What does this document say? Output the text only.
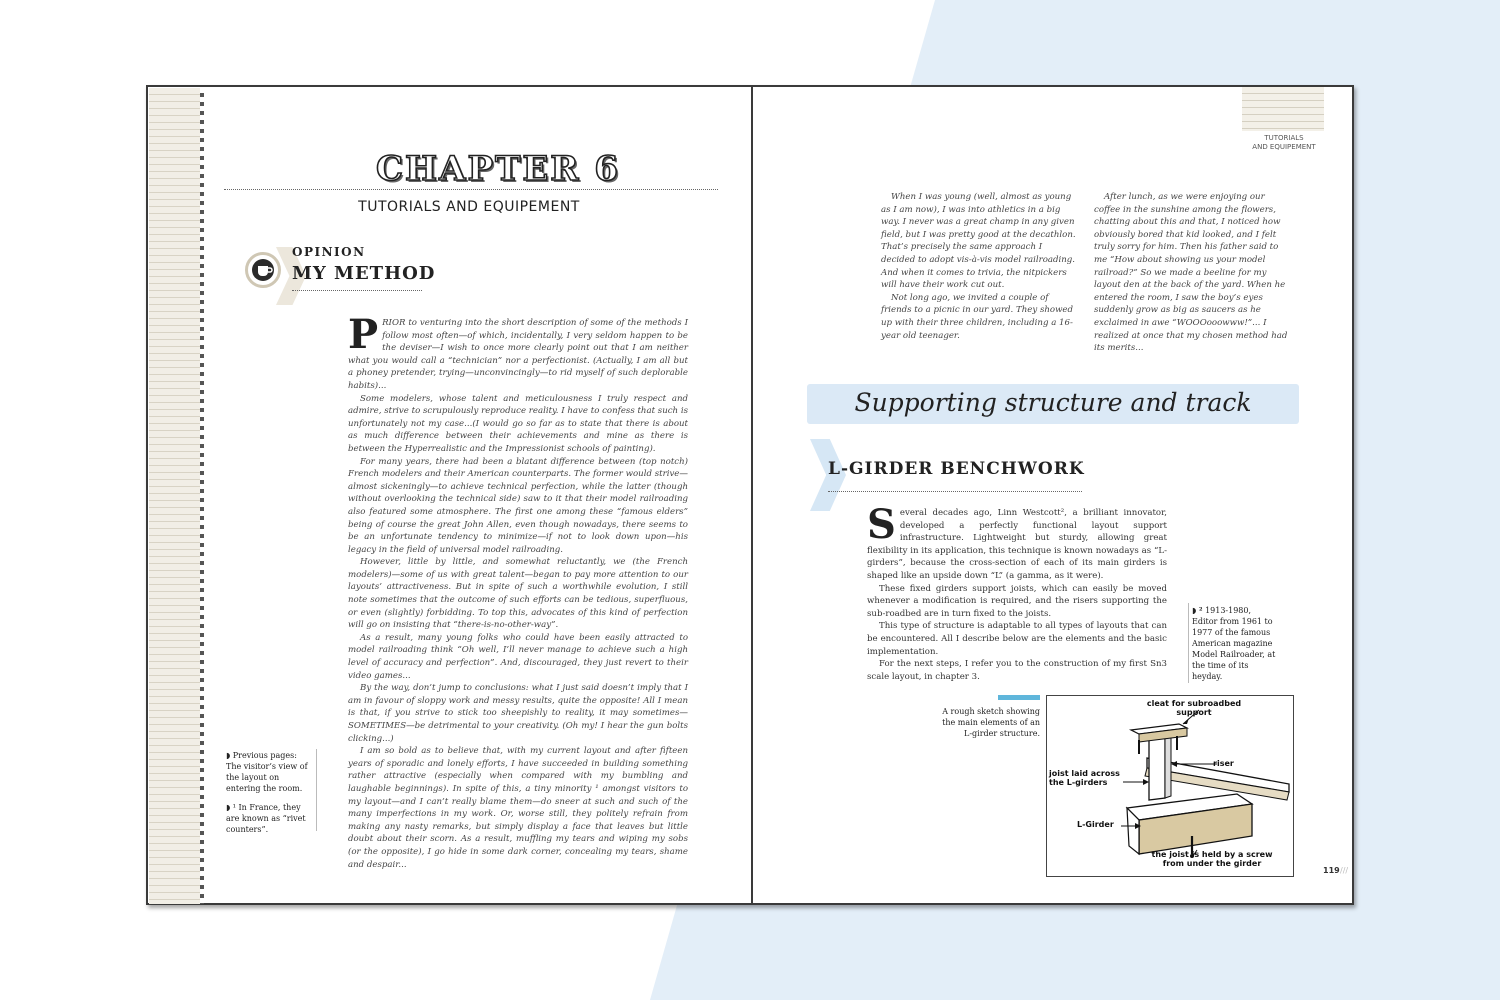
CHAPTER 6
TUTORIALS AND EQUIPEMENT
OPINION
MY METHOD

PRIOR to venturing into the short description of some of the methods I follow most often—of which, incidentally, I very seldom happen to be the deviser—I wish to once more clearly point out that I am neither what you would call a “technician” nor a perfectionist. (Actually, I am all but a phoney pretender, trying—unconvincingly—to rid myself of such deplorable habits)...

Some modelers, whose talent and meticulousness I truly respect and admire, strive to scrupulously reproduce reality. I have to confess that such is unfortunately not my case...(I would go so far as to state that there is about as much difference between their achievements and mine as there is between the Hyperrealistic and the Impressionist schools of painting).

For many years, there had been a blatant difference between (top notch) French modelers and their American counterparts. The former would strive—almost sickeningly—to achieve technical perfection, while the latter (though without overlooking the technical side) saw to it that their model railroading also featured some atmosphere. The first one among these “famous elders” being of course the great John Allen, even though nowadays, there seems to be an unfortunate tendency to minimize—if not to look down upon—his legacy in the field of universal model railroading.

However, little by little, and somewhat reluctantly, we (the French modelers)—some of us with great talent—began to pay more attention to our layouts’ attractiveness. But in spite of such a worthwhile evolution, I still note sometimes that the outcome of such efforts can be tedious, superfluous, or even (slightly) forbidding. To top this, advocates of this kind of perfection will go on insisting that “there-is-no-other-way”.

As a result, many young folks who could have been easily attracted to model railroading think “Oh well, I’ll never manage to achieve such a high level of accuracy and perfection”. And, discouraged, they just revert to their video games...

By the way, don’t jump to conclusions: what I just said doesn’t imply that I am in favour of sloppy work and messy results, quite the opposite! All I mean is that, if you strive to stick too sheepishly to reality, it may sometimes—SOMETIMES—be detrimental to your creativity. (Oh my! I hear the gun bolts clicking...)

I am so bold as to believe that, with my current layout and after fifteen years of sporadic and lonely efforts, I have succeeded in building something rather attractive (especially when compared with my bumbling and laughable beginnings). In spite of this, a tiny minority ¹ amongst visitors to my layout—and I can’t really blame them—do sneer at such and such of the many imperfections in my work. Or, worse still, they politely refrain from making any nasty remarks, but simply display a face that leaves but little doubt about their scorn. As a result, muffling my tears and wiping my sobs (or the opposite), I go hide in some dark corner, concealing my tears, shame and despair...

◗ Previous pages: The visitor’s view of the layout on entering the room.
◗ ¹ In France, they are known as “rivet counters”.
TUTORIALS
AND EQUIPEMENT

When I was young (well, almost as young as I am now), I was into athletics in a big way. I never was a great champ in any given field, but I was pretty good at the decathlon. That’s precisely the same approach I decided to adopt vis-à-vis model railroading. And when it comes to trivia, the nitpickers will have their work cut out.

Not long ago, we invited a couple of friends to a picnic in our yard. They showed up with their three children, including a 16-year old teenager.

After lunch, as we were enjoying our coffee in the sunshine among the flowers, chatting about this and that, I noticed how obviously bored that kid looked, and I felt truly sorry for him. Then his father said to me “How about showing us your model railroad?” So we made a beeline for my layout den at the back of the yard. When he entered the room, I saw the boy’s eyes suddenly grow as big as saucers as he exclaimed in awe “WOOOooowww!”... I realized at once that my chosen method had its merits...

Supporting structure and track
L-GIRDER BENCHWORK

Several decades ago, Linn Westcott², a brilliant innovator, developed a perfectly functional layout support infrastructure. Lightweight but sturdy, allowing great flexibility in its application, this technique is known nowadays as “L-girders”, because the cross-section of each of its main girders is shaped like an upside down “L” (a gamma, as it were).

These fixed girders support joists, which can easily be moved whenever a modification is required, and the risers supporting the sub-roadbed are in turn fixed to the joists.

This type of structure is adaptable to all types of layouts that can be encountered. All I describe below are the elements and the basic implementation.

For the next steps, I refer you to the construction of my first Sn3 scale layout, in chapter 3.

◗ ² 1913-1980, Editor from 1961 to 1977 of the famous American magazine Model Railroader, at the time of its heyday.
A rough sketch showing the main elements of an L-girder structure.
cleat for subroadbed support
riser
joist laid across the L-girders
L-Girder
the joist is held by a screw from under the girder
119 ///
